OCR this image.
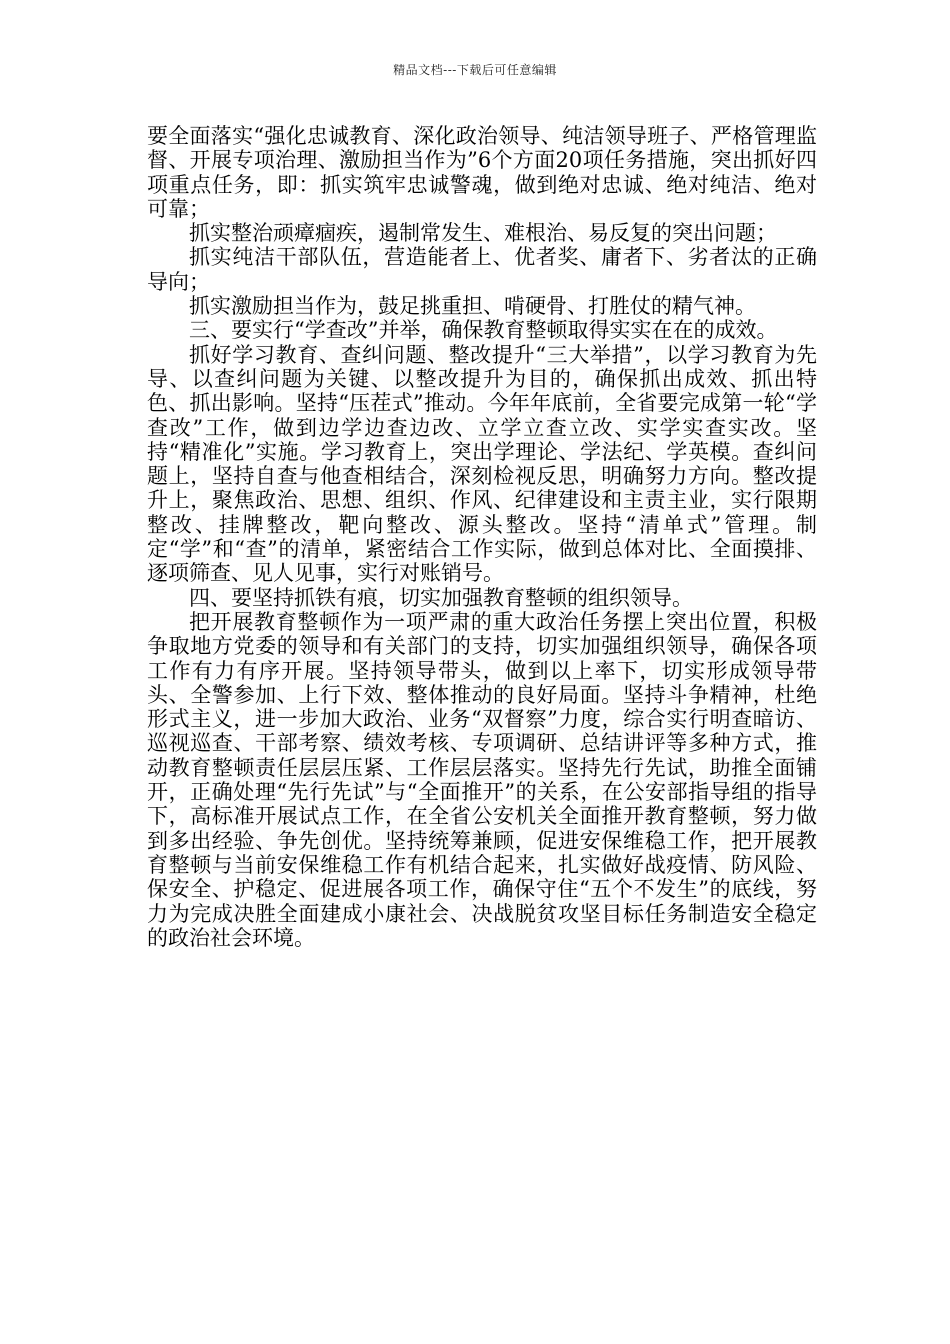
精品文档---下载后可任意编辑

要全面落实“强化忠诚教育、深化政治领导、纯洁领导班子、严格管理监督、开展专项治理、激励担当作为”6个方面20项任务措施，突出抓好四项重点任务，即：抓实筑牢忠诚警魂，做到绝对忠诚、绝对纯洁、绝对可靠；

抓实整治顽瘴痼疾，遏制常发生、难根治、易反复的突出问题；

抓实纯洁干部队伍，营造能者上、优者奖、庸者下、劣者汰的正确导向；

抓实激励担当作为，鼓足挑重担、啃硬骨、打胜仗的精气神。

三、要实行“学查改”并举，确保教育整顿取得实实在在的成效。

抓好学习教育、查纠问题、整改提升“三大举措”，以学习教育为先导、以查纠问题为关键、以整改提升为目的，确保抓出成效、抓出特色、抓出影响。坚持“压茬式”推动。今年年底前，全省要完成第一轮“学查改”工作，做到边学边查边改、立学立查立改、实学实查实改。坚持“精准化”实施。学习教育上，突出学理论、学法纪、学英模。查纠问题上，坚持自查与他查相结合，深刻检视反思，明确努力方向。整改提升上，聚焦政治、思想、组织、作风、纪律建设和主责主业，实行限期整改、挂牌整改，靶向整改、源头整改。坚持“清单式”管理。制定“学”和“查”的清单，紧密结合工作实际，做到总体对比、全面摸排、逐项筛查、见人见事，实行对账销号。

四、要坚持抓铁有痕，切实加强教育整顿的组织领导。

把开展教育整顿作为一项严肃的重大政治任务摆上突出位置，积极争取地方党委的领导和有关部门的支持，切实加强组织领导，确保各项工作有力有序开展。坚持领导带头，做到以上率下，切实形成领导带头、全警参加、上行下效、整体推动的良好局面。坚持斗争精神，杜绝形式主义，进一步加大政治、业务“双督察”力度，综合实行明查暗访、巡视巡查、干部考察、绩效考核、专项调研、总结讲评等多种方式，推动教育整顿责任层层压紧、工作层层落实。坚持先行先试，助推全面铺开，正确处理“先行先试”与“全面推开”的关系，在公安部指导组的指导下，高标准开展试点工作，在全省公安机关全面推开教育整顿，努力做到多出经验、争先创优。坚持统筹兼顾，促进安保维稳工作，把开展教育整顿与当前安保维稳工作有机结合起来，扎实做好战疫情、防风险、保安全、护稳定、促进展各项工作，确保守住“五个不发生”的底线，努力为完成决胜全面建成小康社会、决战脱贫攻坚目标任务制造安全稳定的政治社会环境。
